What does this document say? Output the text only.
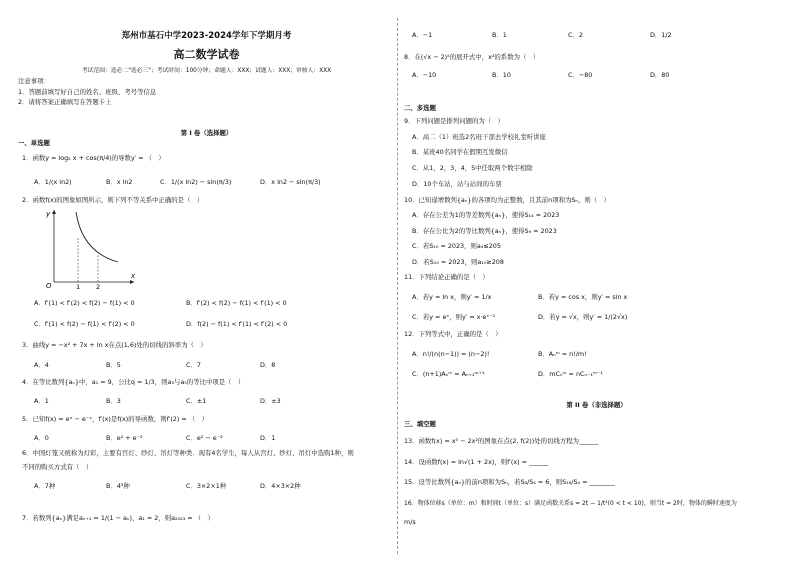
郑州市基石中学2023-2024学年下学期月考
高二数学试卷
考试范围：选必二"选必三"；考试时间：100分钟；命题人：XXX；试题人：XXX；审核人：XXX
注意事项：
1．答题前填写好自己的姓名、班级、考号等信息
2．请将答案正确填写在答题卡上
第 I 卷（选择题）
一、单选题
1．函数y = log₂ x + cos(π/4)的导数y′ = （　）
A．1/(x ln2)	B．x ln2	C．1/(x ln2) − sin(π/3)	D．x ln2 − sin(π/3)
2．函数f(x)的图象如图所示，则下列不等关系中正确的是（　）
y
x
O	1 2
A．f′(1) < f′(2) < f(2) − f(1) < 0	B．f′(2) < f(2) − f(1) < f′(1) < 0
C．f′(1) < f(2) − f(1) < f′(2) < 0	D．f(2) − f(1) < f′(1) < f′(2) < 0
3．曲线y = −x² + 7x + ln x在点(1,6)处的切线的斜率为（　）
A．4	B．5	C．7	D．8
4．在等比数列{aₙ}中，a₁ = 9，公比q = 1/3，则a₃与a₅的等比中项是（　）
A．1	B．3	C．±1	D．±3
5．已知f(x) = eˣ − e⁻ˣ，f′(x)是f(x)的导函数，则f′(2) = （　）
A．0	B．e² + e⁻²	C．e² − e⁻²	D．1
6．中国灯笼又统称为灯彩，主要有宫灯、纱灯、吊灯等种类．现有4名学生，每人从宫灯、纱灯、吊灯中选购1种，则
不同的购买方式有（　）
A．7种	B．4³种	C．3×2×1种	D．4×3×2种
7．若数列{aₙ}满足aₙ₊₁ = 1/(1 − aₙ)，a₁ = 2，则a₂₀₂₃ = （　）
A．−1	B．1	C．2	D．1/2
8．在(√x − 2)⁵的展开式中，x²的系数为（　）
A．−10	B．10	C．−80	D．80
二、多选题
9．下列问题是排列问题的为（　）
A．高二（1）班选2名班干部去学校礼堂听讲座
B．某班40名同学在假期互发微信
C．从1，2，3，4，5中任取两个数字相除
D．10个车站，站与站间的车票
10．已知递增数列{aₙ}的各项均为正整数，且其前n项和为Sₙ，则（　）
A．存在公差为1的等差数列{aₙ}，使得S₁₄ = 2023
B．存在公比为2的等比数列{aₙ}，使得S₉ = 2023
C．若S₁₀ = 2023，则a₄≤205
D．若S₁₀ = 2023，则a₁₀≥208
11．下列结论正确的是（　）
A．若y = ln x，则y′ = 1/x	B．若y = cos x，则y′ = sin x
C．若y = eˣ，则y′ = x·eˣ⁻¹	D．若y = √x，则y′ = 1/(2√x)
12．下列等式中，正确的是（　）
A．n!/(n(n−1)) = (n−2)!	B．Aₙᵐ = n!/m!
C．(n+1)Aₙᵐ = Aₙ₊₁ᵐ⁺¹	D．mCₙᵐ = nCₙ₋₁ᵐ⁻¹
第 II 卷（非选择题）
三、填空题
13．函数f(x) = x³ − 2x²的图象在点(2, f(2))处的切线方程为______
14．设函数f(x) = ln√(1 + 2x)，则f′(x) = ______
15．设等比数列{aₙ}的前n项和为Sₙ，若S₈/S₄ = 6，则S₁₆/S₄ = ________
16．物体位移s（单位：m）和时间t（单位：s）满足函数关系s = 2t − 1/t²(0 < t < 10)，则当t = 2时，物体的瞬时速度为
m/s
